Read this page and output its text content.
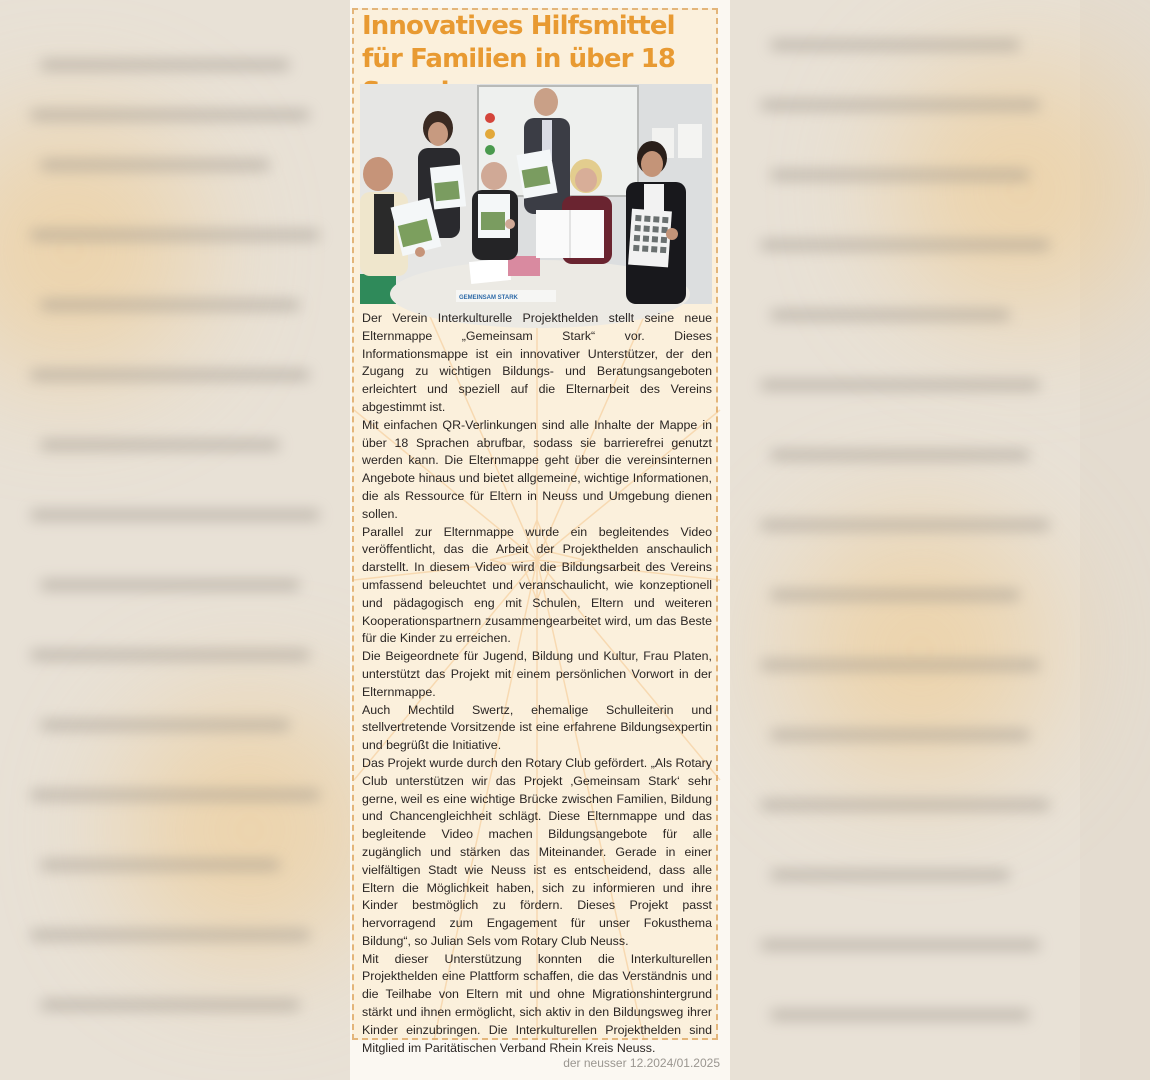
Innovatives Hilfsmittel für Familien in über 18
GEMEINSAM STARK

Der Verein Interkulturelle Projekthelden stellt seine neue Elternmappe „Gemeinsam Stark“ vor. Dieses Informationsmappe ist ein innovativer Unterstützer, der den Zugang zu wichtigen Bildungs- und Beratungsangeboten erleichtert und speziell auf die Elternarbeit des Vereins abgestimmt ist.

Mit einfachen QR-Verlinkungen sind alle Inhalte der Mappe in über 18 Sprachen abrufbar, sodass sie barrierefrei genutzt werden kann. Die Elternmappe geht über die vereinsinternen Angebote hinaus und bietet allgemeine, wichtige Informationen, die als Ressource für Eltern in Neuss und Umgebung dienen sollen.

Parallel zur Elternmappe wurde ein begleitendes Video veröffentlicht, das die Arbeit der Projekthelden anschaulich darstellt. In diesem Video wird die Bildungsarbeit des Vereins umfassend beleuchtet und veranschaulicht, wie konzeptionell und pädagogisch eng mit Schulen, Eltern und weiteren Kooperationspartnern zusammengearbeitet wird, um das Beste für die Kinder zu erreichen.

Die Beigeordnete für Jugend, Bildung und Kultur, Frau Platen, unterstützt das Projekt mit einem persönlichen Vorwort in der Elternmappe.

Auch Mechtild Swertz, ehemalige Schulleiterin und stellvertretende Vorsitzende ist eine erfahrene Bildungsexpertin und begrüßt die Initiative.

Das Projekt wurde durch den Rotary Club gefördert. „Als Rotary Club unterstützen wir das Projekt ‚Gemeinsam Stark‘ sehr gerne, weil es eine wichtige Brücke zwischen Familien, Bildung und Chancengleichheit schlägt. Diese Elternmappe und das begleitende Video machen Bildungsangebote für alle zugänglich und stärken das Miteinander. Gerade in einer vielfältigen Stadt wie Neuss ist es entscheidend, dass alle Eltern die Möglichkeit haben, sich zu informieren und ihre Kinder bestmöglich zu fördern. Dieses Projekt passt hervorragend zum Engagement für unser Fokusthema Bildung“, so Julian Sels vom Rotary Club Neuss.

Mit dieser Unterstützung konnten die Interkulturellen Projekthelden eine Plattform schaffen, die das Verständnis und die Teilhabe von Eltern mit und ohne Migrationshintergrund stärkt und ihnen ermöglicht, sich aktiv in den Bildungsweg ihrer Kinder einzubringen. Die Interkulturellen Projekthelden sind Mitglied im Paritätischen Verband Rhein Kreis Neuss.

der neusser 12.2024/01.2025
